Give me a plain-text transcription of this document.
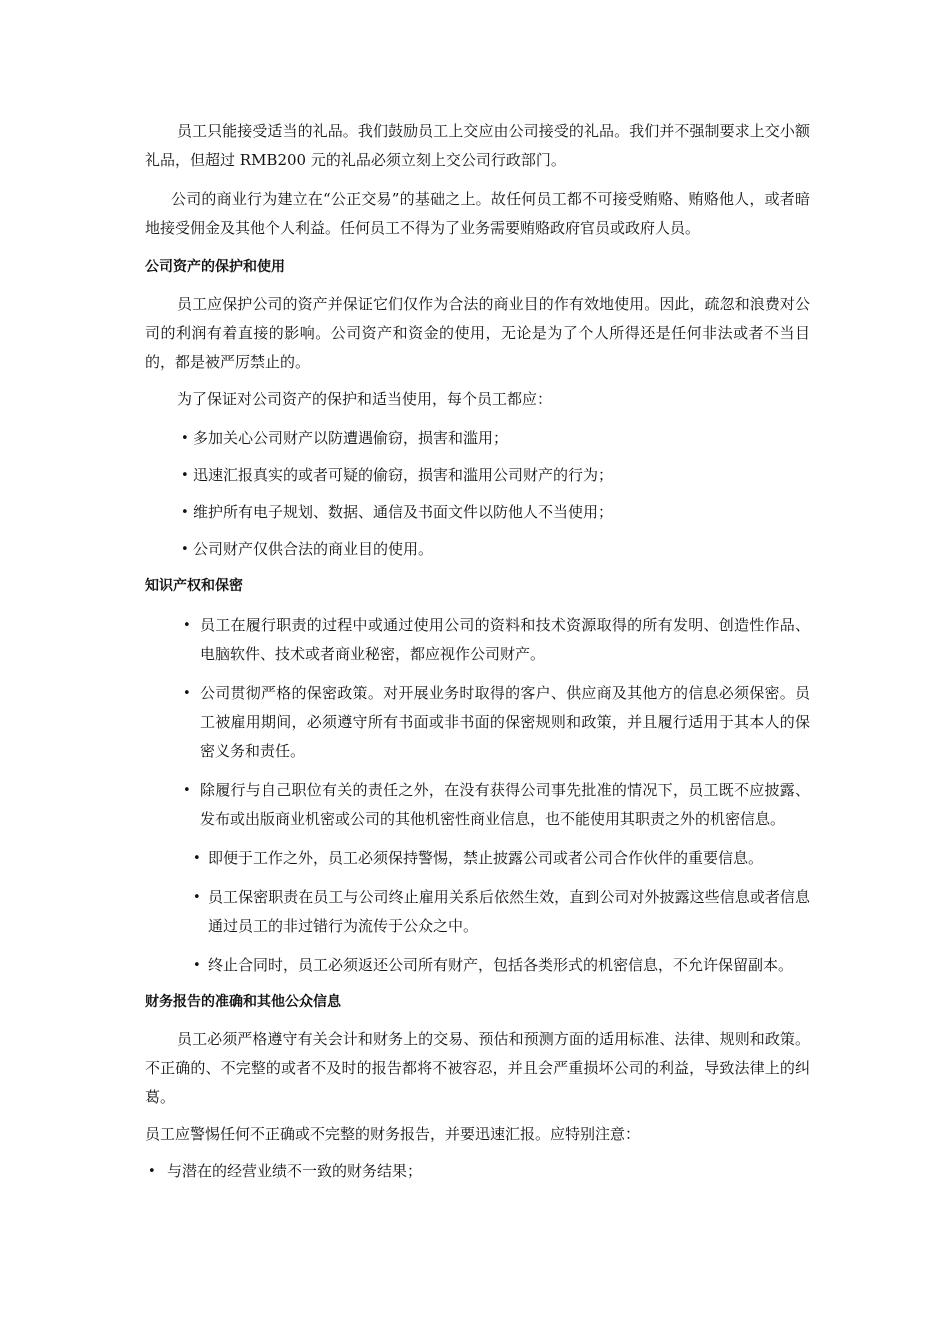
员工只能接受适当的礼品。我们鼓励员工上交应由公司接受的礼品。我们并不强制要求上交小额礼品，但超过 RMB200 元的礼品必须立刻上交公司行政部门。

公司的商业行为建立在“公正交易”的基础之上。故任何员工都不可接受贿赂、贿赂他人，或者暗地接受佣金及其他个人利益。任何员工不得为了业务需要贿赂政府官员或政府人员。

公司资产的保护和使用

员工应保护公司的资产并保证它们仅作为合法的商业目的作有效地使用。因此，疏忽和浪费对公司的利润有着直接的影响。公司资产和资金的使用，无论是为了个人所得还是任何非法或者不当目的，都是被严厉禁止的。

为了保证对公司资产的保护和适当使用，每个员工都应：

• 多加关心公司财产以防遭遇偷窃，损害和滥用；
• 迅速汇报真实的或者可疑的偷窃，损害和滥用公司财产的行为；
• 维护所有电子规划、数据、通信及书面文件以防他人不当使用；
• 公司财产仅供合法的商业目的使用。
知识产权和保密
• 员工在履行职责的过程中或通过使用公司的资料和技术资源取得的所有发明、创造性作品、电脑软件、技术或者商业秘密，都应视作公司财产。
• 公司贯彻严格的保密政策。对开展业务时取得的客户、供应商及其他方的信息必须保密。员工被雇用期间，必须遵守所有书面或非书面的保密规则和政策，并且履行适用于其本人的保密义务和责任。
• 除履行与自己职位有关的责任之外，在没有获得公司事先批准的情况下，员工既不应披露、发布或出版商业机密或公司的其他机密性商业信息，也不能使用其职责之外的机密信息。
• 即便于工作之外，员工必须保持警惕，禁止披露公司或者公司合作伙伴的重要信息。
• 员工保密职责在员工与公司终止雇用关系后依然生效，直到公司对外披露这些信息或者信息通过员工的非过错行为流传于公众之中。
• 终止合同时，员工必须返还公司所有财产，包括各类形式的机密信息，不允许保留副本。
财务报告的准确和其他公众信息

员工必须严格遵守有关会计和财务上的交易、预估和预测方面的适用标准、法律、规则和政策。不正确的、不完整的或者不及时的报告都将不被容忍，并且会严重损坏公司的利益，导致法律上的纠葛。

员工应警惕任何不正确或不完整的财务报告，并要迅速汇报。应特别注意：

• 与潜在的经营业绩不一致的财务结果；
